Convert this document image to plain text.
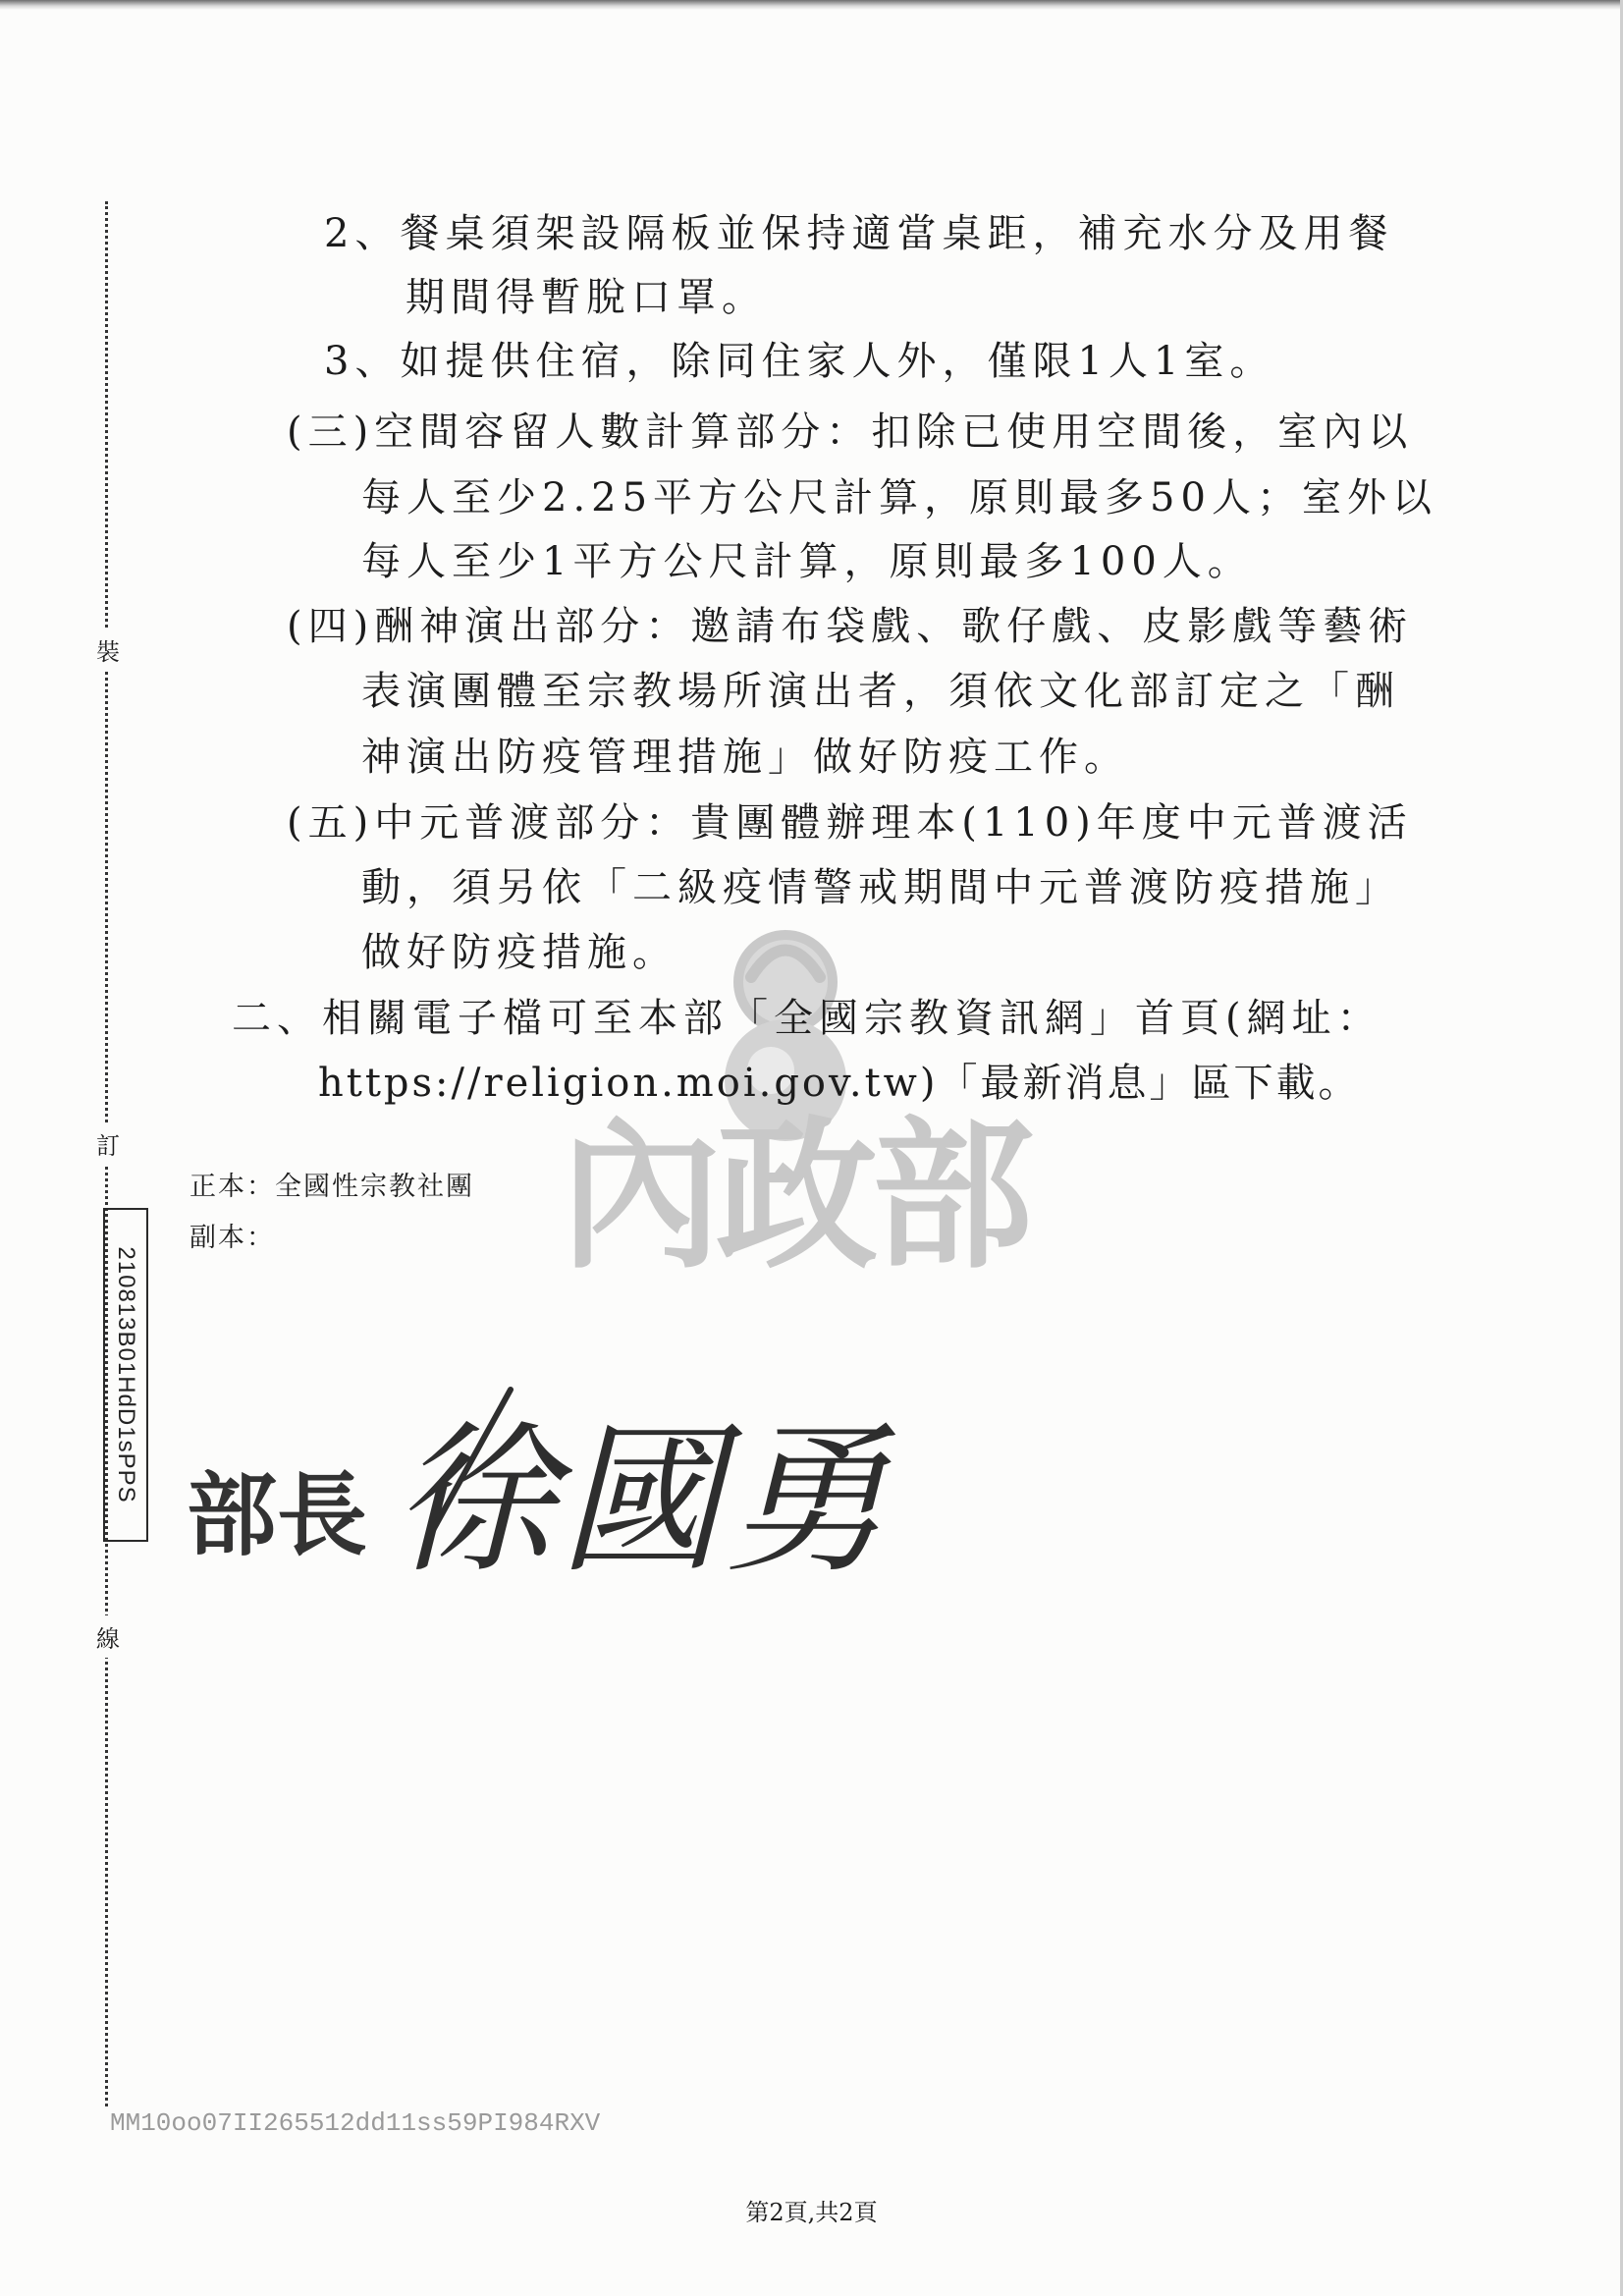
裝
訂
線
210813B01HdD1sPPS
內政部
2、餐桌須架設隔板並保持適當桌距，補充水分及用餐
期間得暫脫口罩。
3、如提供住宿，除同住家人外，僅限1人1室。
(三)空間容留人數計算部分：扣除已使用空間後，室內以
每人至少2.25平方公尺計算，原則最多50人；室外以
每人至少1平方公尺計算，原則最多100人。
(四)酬神演出部分：邀請布袋戲、歌仔戲、皮影戲等藝術
表演團體至宗教場所演出者，須依文化部訂定之「酬
神演出防疫管理措施」做好防疫工作。
(五)中元普渡部分：貴團體辦理本(110)年度中元普渡活
動，須另依「二級疫情警戒期間中元普渡防疫措施」
做好防疫措施。
二、相關電子檔可至本部「全國宗教資訊網」首頁(網址：
https://religion.moi.gov.tw)「最新消息」區下載。
正本：全國性宗教社團
副本：
部長 徐國勇
MM10oo07II265512dd11ss59PI984RXV
第2頁,共2頁
